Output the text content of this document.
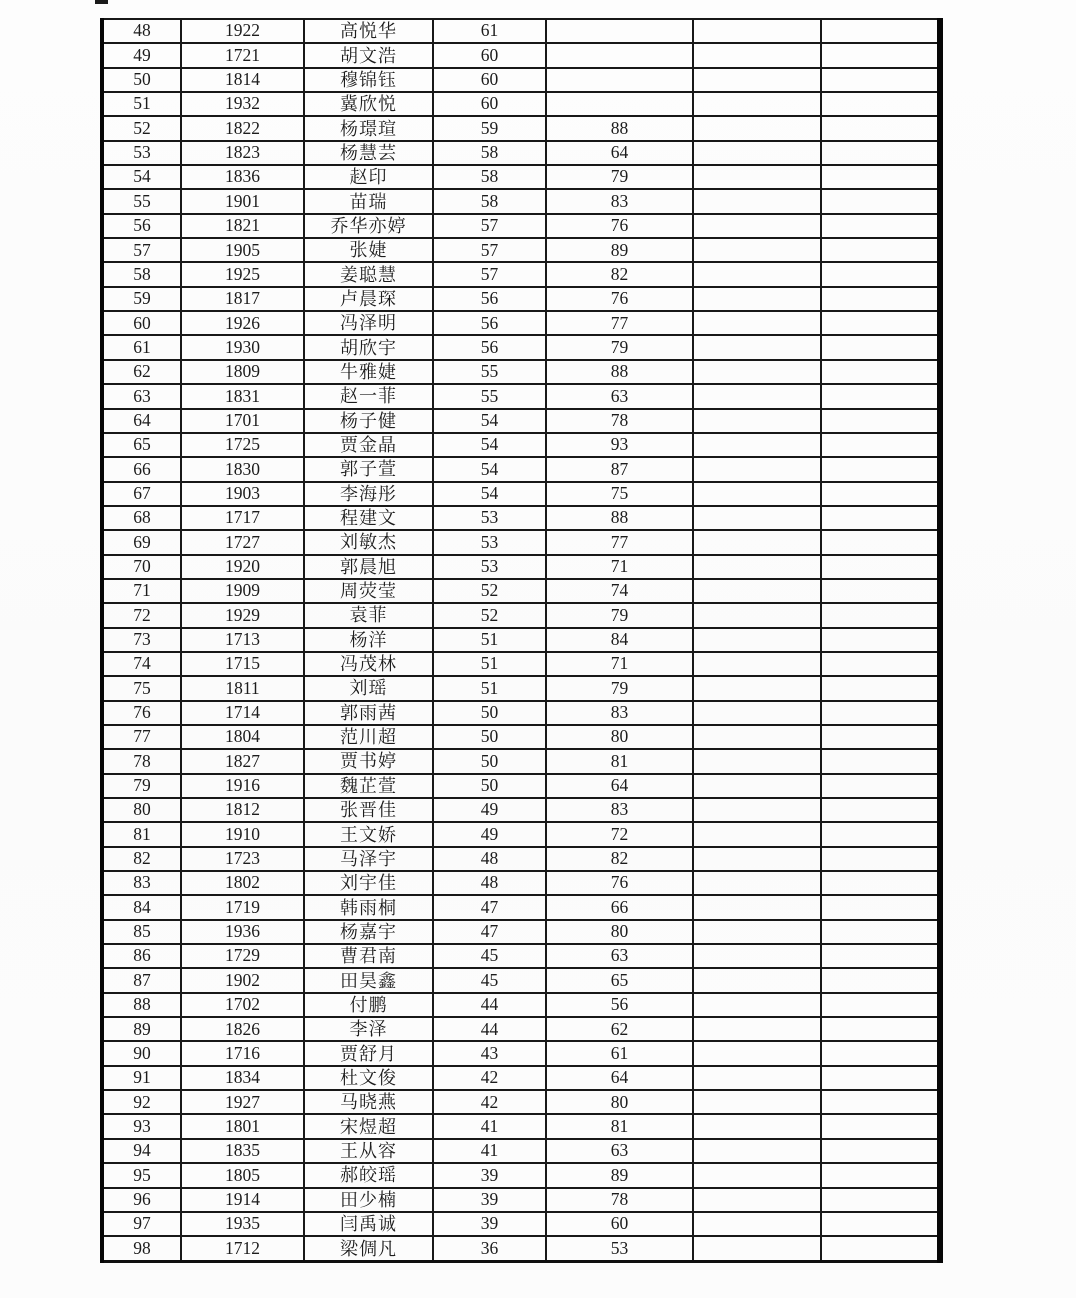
48	1922	高悦华	61			
49	1721	胡文浩	60			
50	1814	穆锦钰	60			
51	1932	冀欣悦	60			
52	1822	杨璟瑄	59	88		
53	1823	杨慧芸	58	64		
54	1836	赵印	58	79		
55	1901	苗瑞	58	83		
56	1821	乔华亦婷	57	76		
57	1905	张婕	57	89		
58	1925	姜聪慧	57	82		
59	1817	卢晨琛	56	76		
60	1926	冯泽明	56	77		
61	1930	胡欣宇	56	79		
62	1809	牛雅婕	55	88		
63	1831	赵一菲	55	63		
64	1701	杨子健	54	78		
65	1725	贾金晶	54	93		
66	1830	郭子萱	54	87		
67	1903	李海彤	54	75		
68	1717	程建文	53	88		
69	1727	刘敏杰	53	77		
70	1920	郭晨旭	53	71		
71	1909	周荧莹	52	74		
72	1929	袁菲	52	79		
73	1713	杨洋	51	84		
74	1715	冯茂林	51	71		
75	1811	刘瑶	51	79		
76	1714	郭雨茜	50	83		
77	1804	范川超	50	80		
78	1827	贾书婷	50	81		
79	1916	魏芷萱	50	64		
80	1812	张晋佳	49	83		
81	1910	王文娇	49	72		
82	1723	马泽宇	48	82		
83	1802	刘宇佳	48	76		
84	1719	韩雨桐	47	66		
85	1936	杨嘉宇	47	80		
86	1729	曹君南	45	63		
87	1902	田昊鑫	45	65		
88	1702	付鹏	44	56		
89	1826	李泽	44	62		
90	1716	贾舒月	43	61		
91	1834	杜文俊	42	64		
92	1927	马晓燕	42	80		
93	1801	宋煜超	41	81		
94	1835	王从容	41	63		
95	1805	郝皎瑶	39	89		
96	1914	田少楠	39	78		
97	1935	闫禹诚	39	60		
98	1712	梁倜凡	36	53		
